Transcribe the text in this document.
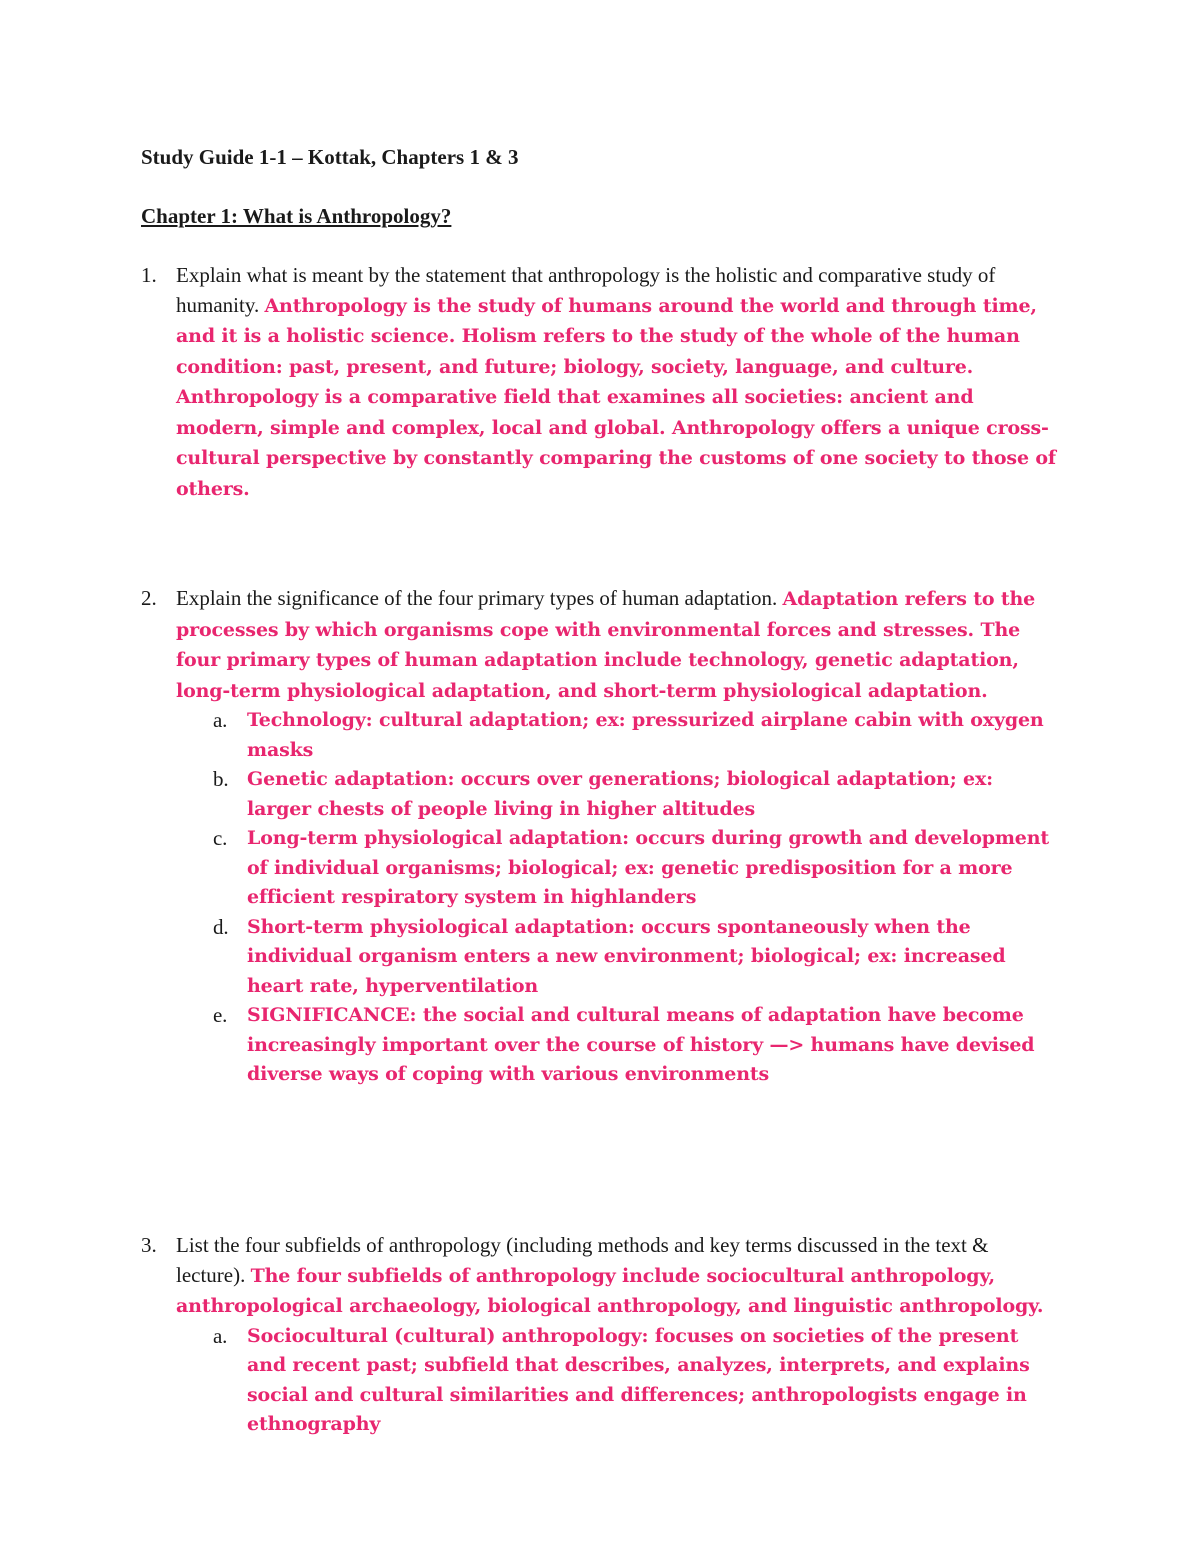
Study Guide 1-1 – Kottak, Chapters 1 & 3

Chapter 1: What is Anthropology?

1. Explain what is meant by the statement that anthropology is the holistic and comparative study of humanity. Anthropology is the study of humans around the world and through time, and it is a holistic science. Holism refers to the study of the whole of the human condition: past, present, and future; biology, society, language, and culture. Anthropology is a comparative field that examines all societies: ancient and modern, simple and complex, local and global. Anthropology offers a unique cross-cultural perspective by constantly comparing the customs of one society to those of others.
2. Explain the significance of the four primary types of human adaptation. Adaptation refers to the processes by which organisms cope with environmental forces and stresses. The four primary types of human adaptation include technology, genetic adaptation, long-term physiological adaptation, and short-term physiological adaptation.
a. Technology: cultural adaptation; ex: pressurized airplane cabin with oxygen masks
b. Genetic adaptation: occurs over generations; biological adaptation; ex: larger chests of people living in higher altitudes
c. Long-term physiological adaptation: occurs during growth and development of individual organisms; biological; ex: genetic predisposition for a more efficient respiratory system in highlanders
d. Short-term physiological adaptation: occurs spontaneously when the individual organism enters a new environment; biological; ex: increased heart rate, hyperventilation
e. SIGNIFICANCE: the social and cultural means of adaptation have become increasingly important over the course of history —> humans have devised diverse ways of coping with various environments
3. List the four subfields of anthropology (including methods and key terms discussed in the text & lecture). The four subfields of anthropology include sociocultural anthropology, anthropological archaeology, biological anthropology, and linguistic anthropology.
a. Sociocultural (cultural) anthropology: focuses on societies of the present and recent past; subfield that describes, analyzes, interprets, and explains social and cultural similarities and differences; anthropologists engage in ethnography
